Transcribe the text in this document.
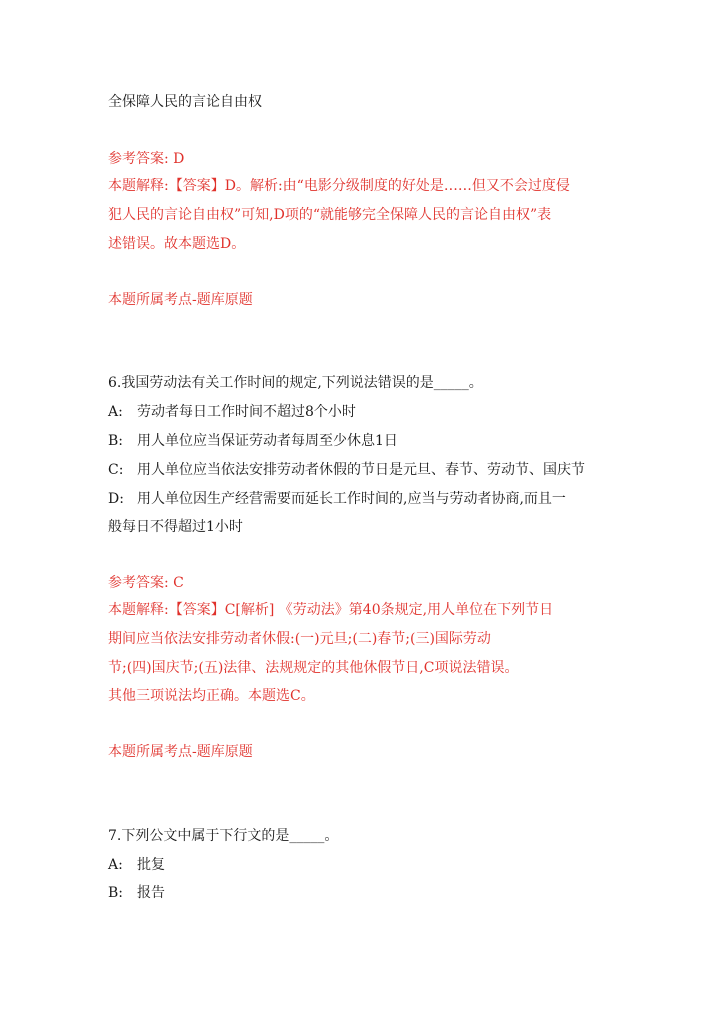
全保障人民的言论自由权
参考答案: D
本题解释:【答案】D。解析:由“电影分级制度的好处是……但又不会过度侵
犯人民的言论自由权”可知,D项的“就能够完全保障人民的言论自由权”表
述错误。故本题选D。
本题所属考点-题库原题
6.我国劳动法有关工作时间的规定,下列说法错误的是_____。
A: 劳动者每日工作时间不超过8个小时
B: 用人单位应当保证劳动者每周至少休息1日
C: 用人单位应当依法安排劳动者休假的节日是元旦、春节、劳动节、国庆节
D: 用人单位因生产经营需要而延长工作时间的,应当与劳动者协商,而且一
般每日不得超过1小时
参考答案: C
本题解释:【答案】C[解析] 《劳动法》第40条规定,用人单位在下列节日
期间应当依法安排劳动者休假:(一)元旦;(二)春节;(三)国际劳动
节;(四)国庆节;(五)法律、法规规定的其他休假节日,C项说法错误。
其他三项说法均正确。本题选C。
本题所属考点-题库原题
7.下列公文中属于下行文的是_____。
A: 批复
B: 报告
